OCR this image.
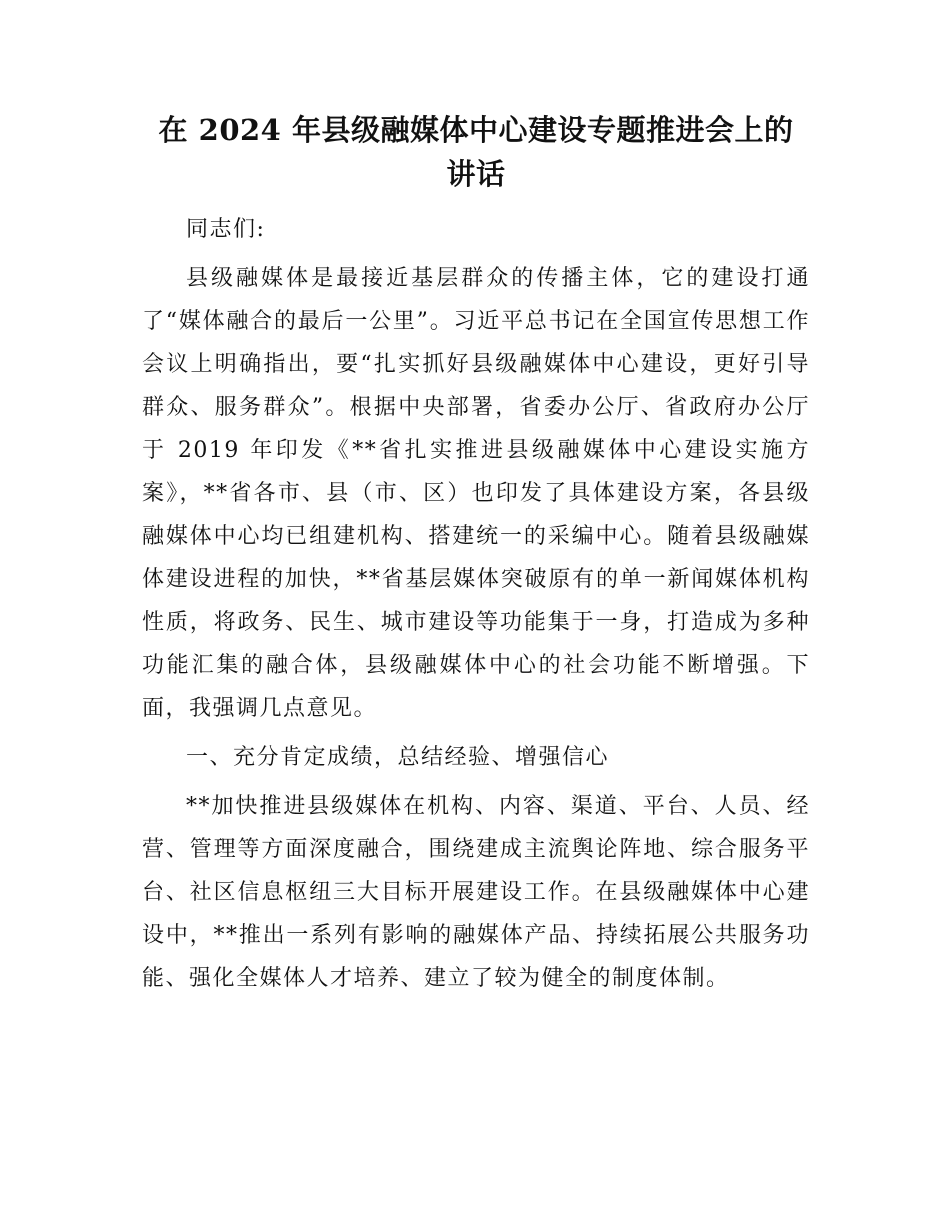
在 2024 年县级融媒体中心建设专题推进会上的
讲话

同志们:

县级融媒体是最接近基层群众的传播主体，它的建设打通了“媒体融合的最后一公里”。习近平总书记在全国宣传思想工作会议上明确指出，要“扎实抓好县级融媒体中心建设，更好引导群众、服务群众”。根据中央部署，省委办公厅、省政府办公厅于 2019 年印发《**省扎实推进县级融媒体中心建设实施方案》，**省各市、县（市、区）也印发了具体建设方案，各县级融媒体中心均已组建机构、搭建统一的采编中心。随着县级融媒体建设进程的加快，**省基层媒体突破原有的单一新闻媒体机构性质，将政务、民生、城市建设等功能集于一身，打造成为多种功能汇集的融合体，县级融媒体中心的社会功能不断增强。下面，我强调几点意见。

一、充分肯定成绩，总结经验、增强信心

**加快推进县级媒体在机构、内容、渠道、平台、人员、经营、管理等方面深度融合，围绕建成主流舆论阵地、综合服务平台、社区信息枢纽三大目标开展建设工作。在县级融媒体中心建设中，**推出一系列有影响的融媒体产品、持续拓展公共服务功能、强化全媒体人才培养、建立了较为健全的制度体制。
